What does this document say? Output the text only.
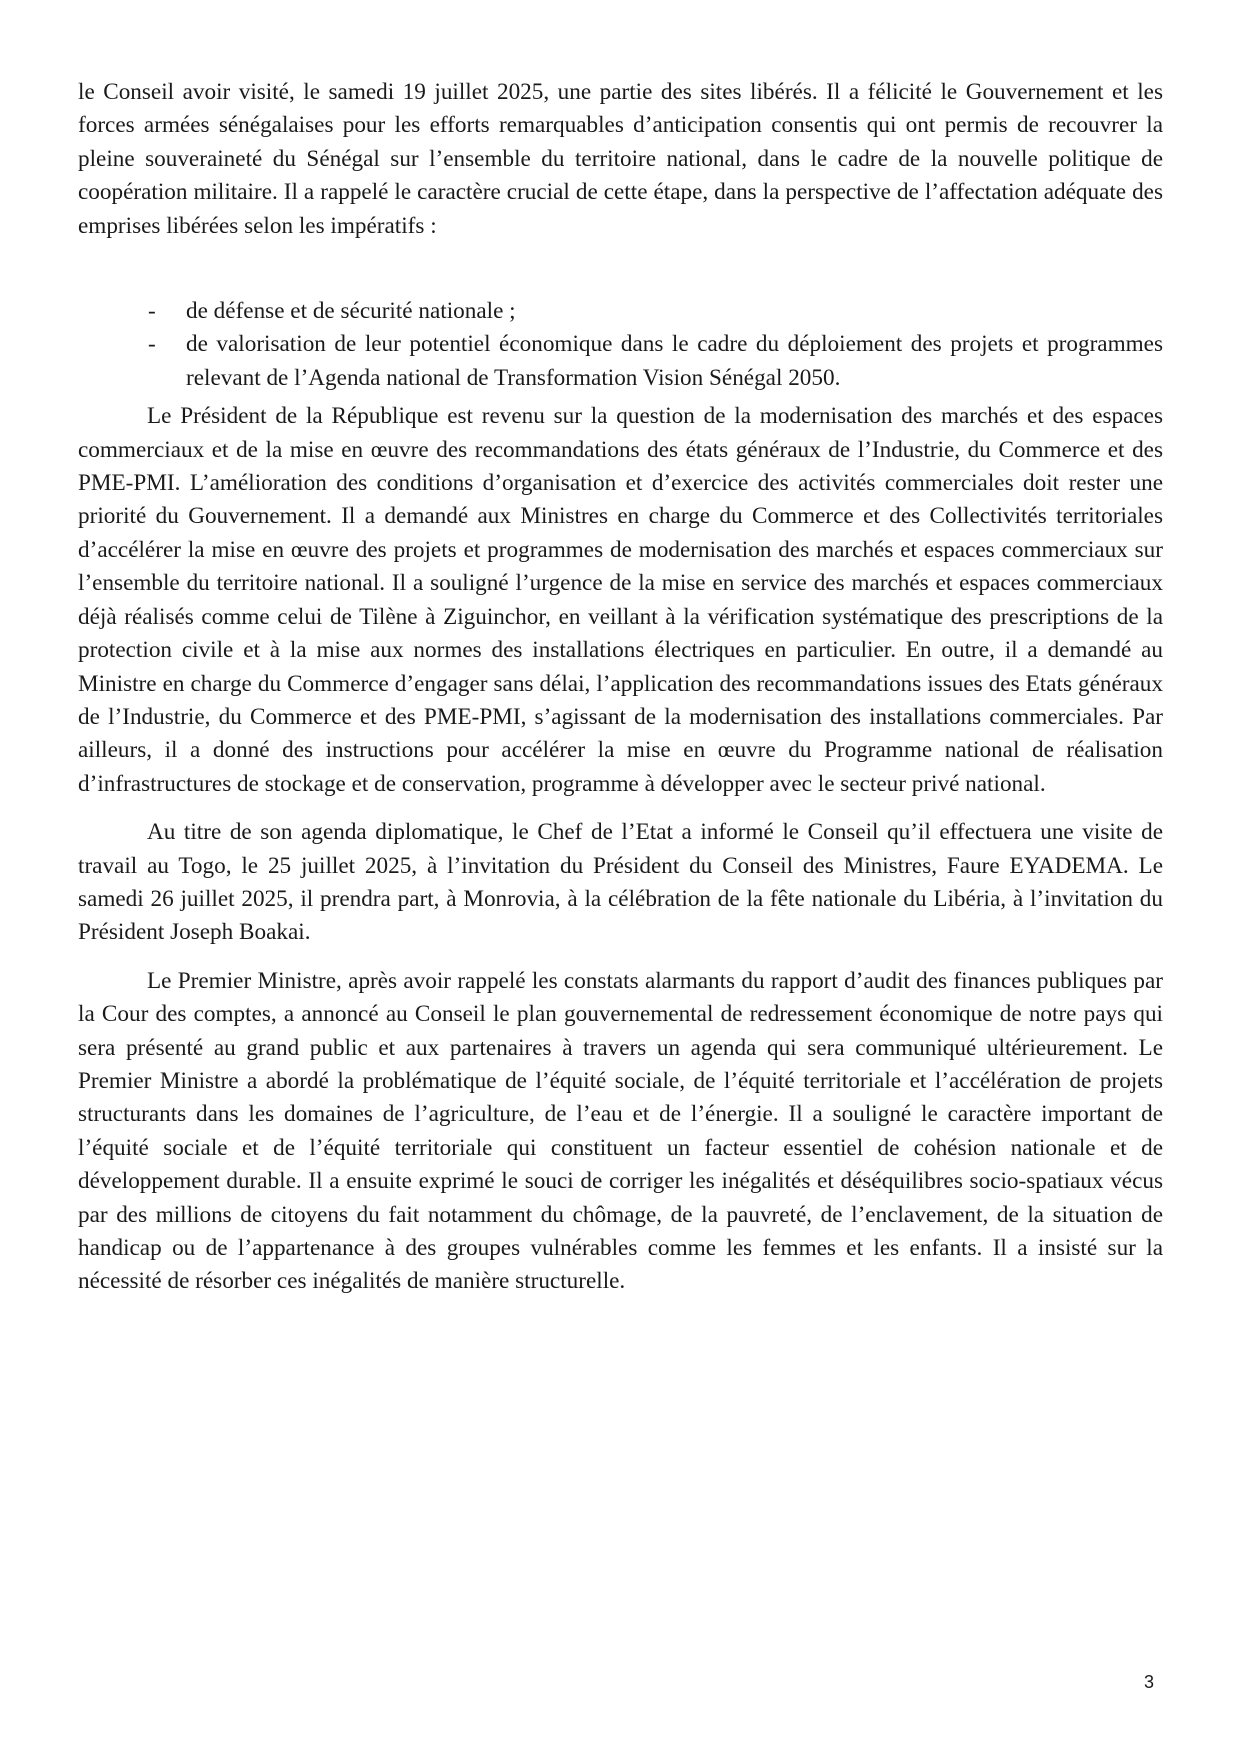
le Conseil avoir visité, le samedi 19 juillet 2025, une partie des sites libérés. Il a félicité le Gouvernement et les forces armées sénégalaises pour les efforts remarquables d’anticipation consentis qui ont permis de recouvrer la pleine souveraineté du Sénégal sur l’ensemble du territoire national, dans le cadre de la nouvelle politique de coopération militaire. Il a rappelé le caractère crucial de cette étape, dans la perspective de l’affectation adéquate des emprises libérées selon les impératifs :

- de défense et de sécurité nationale ;
- de valorisation de leur potentiel économique dans le cadre du déploiement des projets et programmes relevant de l’Agenda national de Transformation Vision Sénégal 2050.

Le Président de la République est revenu sur la question de la modernisation des marchés et des espaces commerciaux et de la mise en œuvre des recommandations des états généraux de l’Industrie, du Commerce et des PME-PMI. L’amélioration des conditions d’organisation et d’exercice des activités commerciales doit rester une priorité du Gouvernement. Il a demandé aux Ministres en charge du Commerce et des Collectivités territoriales d’accélérer la mise en œuvre des projets et programmes de modernisation des marchés et espaces commerciaux sur l’ensemble du territoire national. Il a souligné l’urgence de la mise en service des marchés et espaces commerciaux déjà réalisés comme celui de Tilène à Ziguinchor, en veillant à la vérification systématique des prescriptions de la protection civile et à la mise aux normes des installations électriques en particulier. En outre, il a demandé au Ministre en charge du Commerce d’engager sans délai, l’application des recommandations issues des Etats généraux de l’Industrie, du Commerce et des PME-PMI, s’agissant de la modernisation des installations commerciales. Par ailleurs, il a donné des instructions pour accélérer la mise en œuvre du Programme national de réalisation d’infrastructures de stockage et de conservation, programme à développer avec le secteur privé national.

Au titre de son agenda diplomatique, le Chef de l’Etat a informé le Conseil qu’il effectuera une visite de travail au Togo, le 25 juillet 2025, à l’invitation du Président du Conseil des Ministres, Faure EYADEMA. Le samedi 26 juillet 2025, il prendra part, à Monrovia, à la célébration de la fête nationale du Libéria, à l’invitation du Président Joseph Boakai.

Le Premier Ministre, après avoir rappelé les constats alarmants du rapport d’audit des finances publiques par la Cour des comptes, a annoncé au Conseil le plan gouvernemental de redressement économique de notre pays qui sera présenté au grand public et aux partenaires à travers un agenda qui sera communiqué ultérieurement. Le Premier Ministre a abordé la problématique de l’équité sociale, de l’équité territoriale et l’accélération de projets structurants dans les domaines de l’agriculture, de l’eau et de l’énergie. Il a souligné le caractère important de l’équité sociale et de l’équité territoriale qui constituent un facteur essentiel de cohésion nationale et de développement durable. Il a ensuite exprimé le souci de corriger les inégalités et déséquilibres socio-spatiaux vécus par des millions de citoyens du fait notamment du chômage, de la pauvreté, de l’enclavement, de la situation de handicap ou de l’appartenance à des groupes vulnérables comme les femmes et les enfants. Il a insisté sur la nécessité de résorber ces inégalités de manière structurelle.

3
